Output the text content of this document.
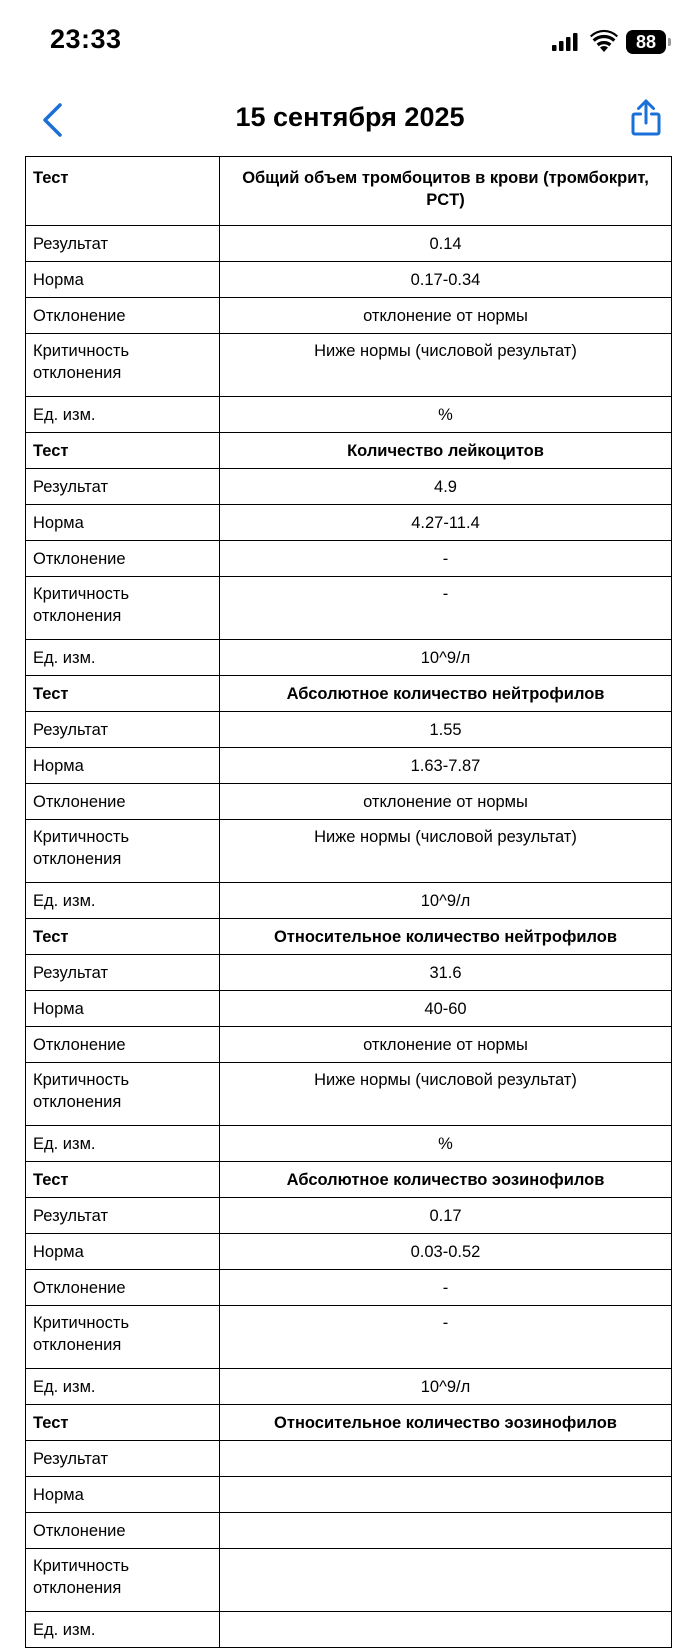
23:33	88
15 сентября 2025
Тест	Общий объем тромбоцитов в крови (тромбокрит, PCT)
Результат	0.14
Норма	0.17-0.34
Отклонение	отклонение от нормы
Критичность отклонения	Ниже нормы (числовой результат)
Ед. изм.	%
Тест	Количество лейкоцитов
Результат	4.9
Норма	4.27-11.4
Отклонение	-
Критичность отклонения	-
Ед. изм.	10^9/л
Тест	Абсолютное количество нейтрофилов
Результат	1.55
Норма	1.63-7.87
Отклонение	отклонение от нормы
Критичность отклонения	Ниже нормы (числовой результат)
Ед. изм.	10^9/л
Тест	Относительное количество нейтрофилов
Результат	31.6
Норма	40-60
Отклонение	отклонение от нормы
Критичность отклонения	Ниже нормы (числовой результат)
Ед. изм.	%
Тест	Абсолютное количество эозинофилов
Результат	0.17
Норма	0.03-0.52
Отклонение	-
Критичность отклонения	-
Ед. изм.	10^9/л
Тест	Относительное количество эозинофилов
Результат	
Норма	
Отклонение	
Критичность отклонения	
Ед. изм.	
